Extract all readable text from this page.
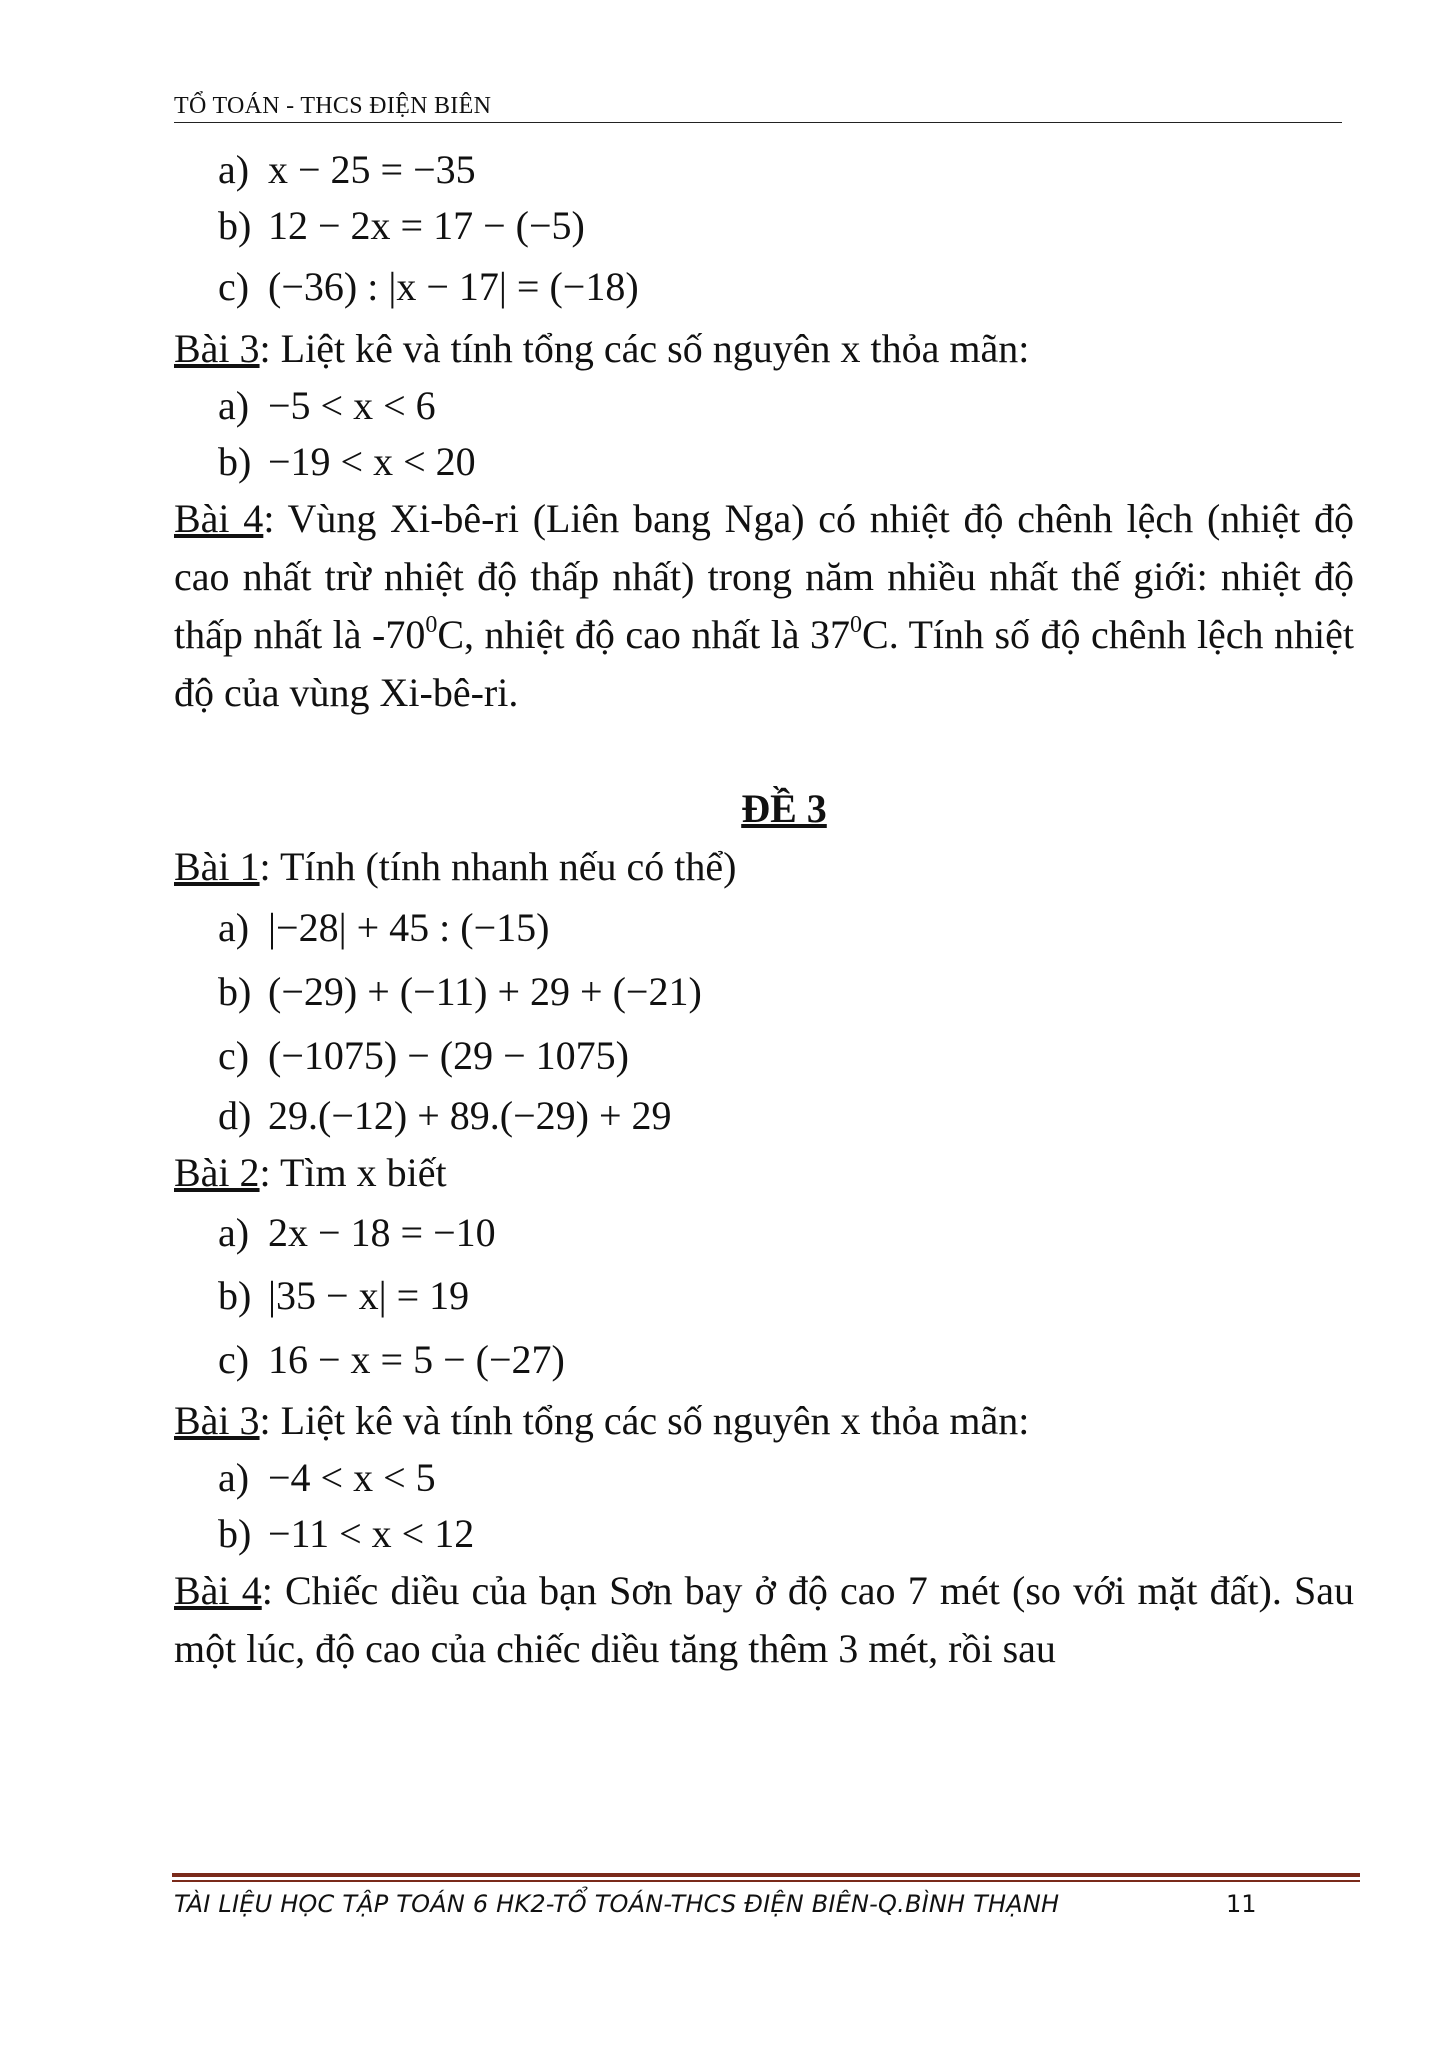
TỔ TOÁN - THCS ĐIỆN BIÊN
a) x − 25 = −35
b) 12 − 2x = 17 − (−5)
c) (−36) : |x − 17| = (−18)
Bài 3: Liệt kê và tính tổng các số nguyên x thỏa mãn:
a) −5 < x < 6
b) −19 < x < 20
Bài 4: Vùng Xi-bê-ri (Liên bang Nga) có nhiệt độ chênh lệch (nhiệt độ cao nhất trừ nhiệt độ thấp nhất) trong năm nhiều nhất thế giới: nhiệt độ thấp nhất là $-70^0C$, nhiệt độ cao nhất là $37^0C$. Tính số độ chênh lệch nhiệt độ của vùng Xi-bê-ri.
ĐỀ 3
Bài 1: Tính (tính nhanh nếu có thể)
a) |−28| + 45 : (−15)
b) (−29) + (−11) + 29 + (−21)
c) (−1075) − (29 − 1075)
d) 29.(−12) + 89.(−29) + 29
Bài 2: Tìm x biết
a) 2x − 18 = −10
b) |35 − x| = 19
c) 16 − x = 5 − (−27)
Bài 3: Liệt kê và tính tổng các số nguyên x thỏa mãn:
a) −4 < x < 5
b) −11 < x < 12
Bài 4: Chiếc diều của bạn Sơn bay ở độ cao 7 mét (so với mặt đất). Sau một lúc, độ cao của chiếc diều tăng thêm 3 mét, rồi sau
TÀI LIỆU HỌC TẬP TOÁN 6 HK2-TỔ TOÁN-THCS ĐIỆN BIÊN-Q.BÌNH THẠNH	11
